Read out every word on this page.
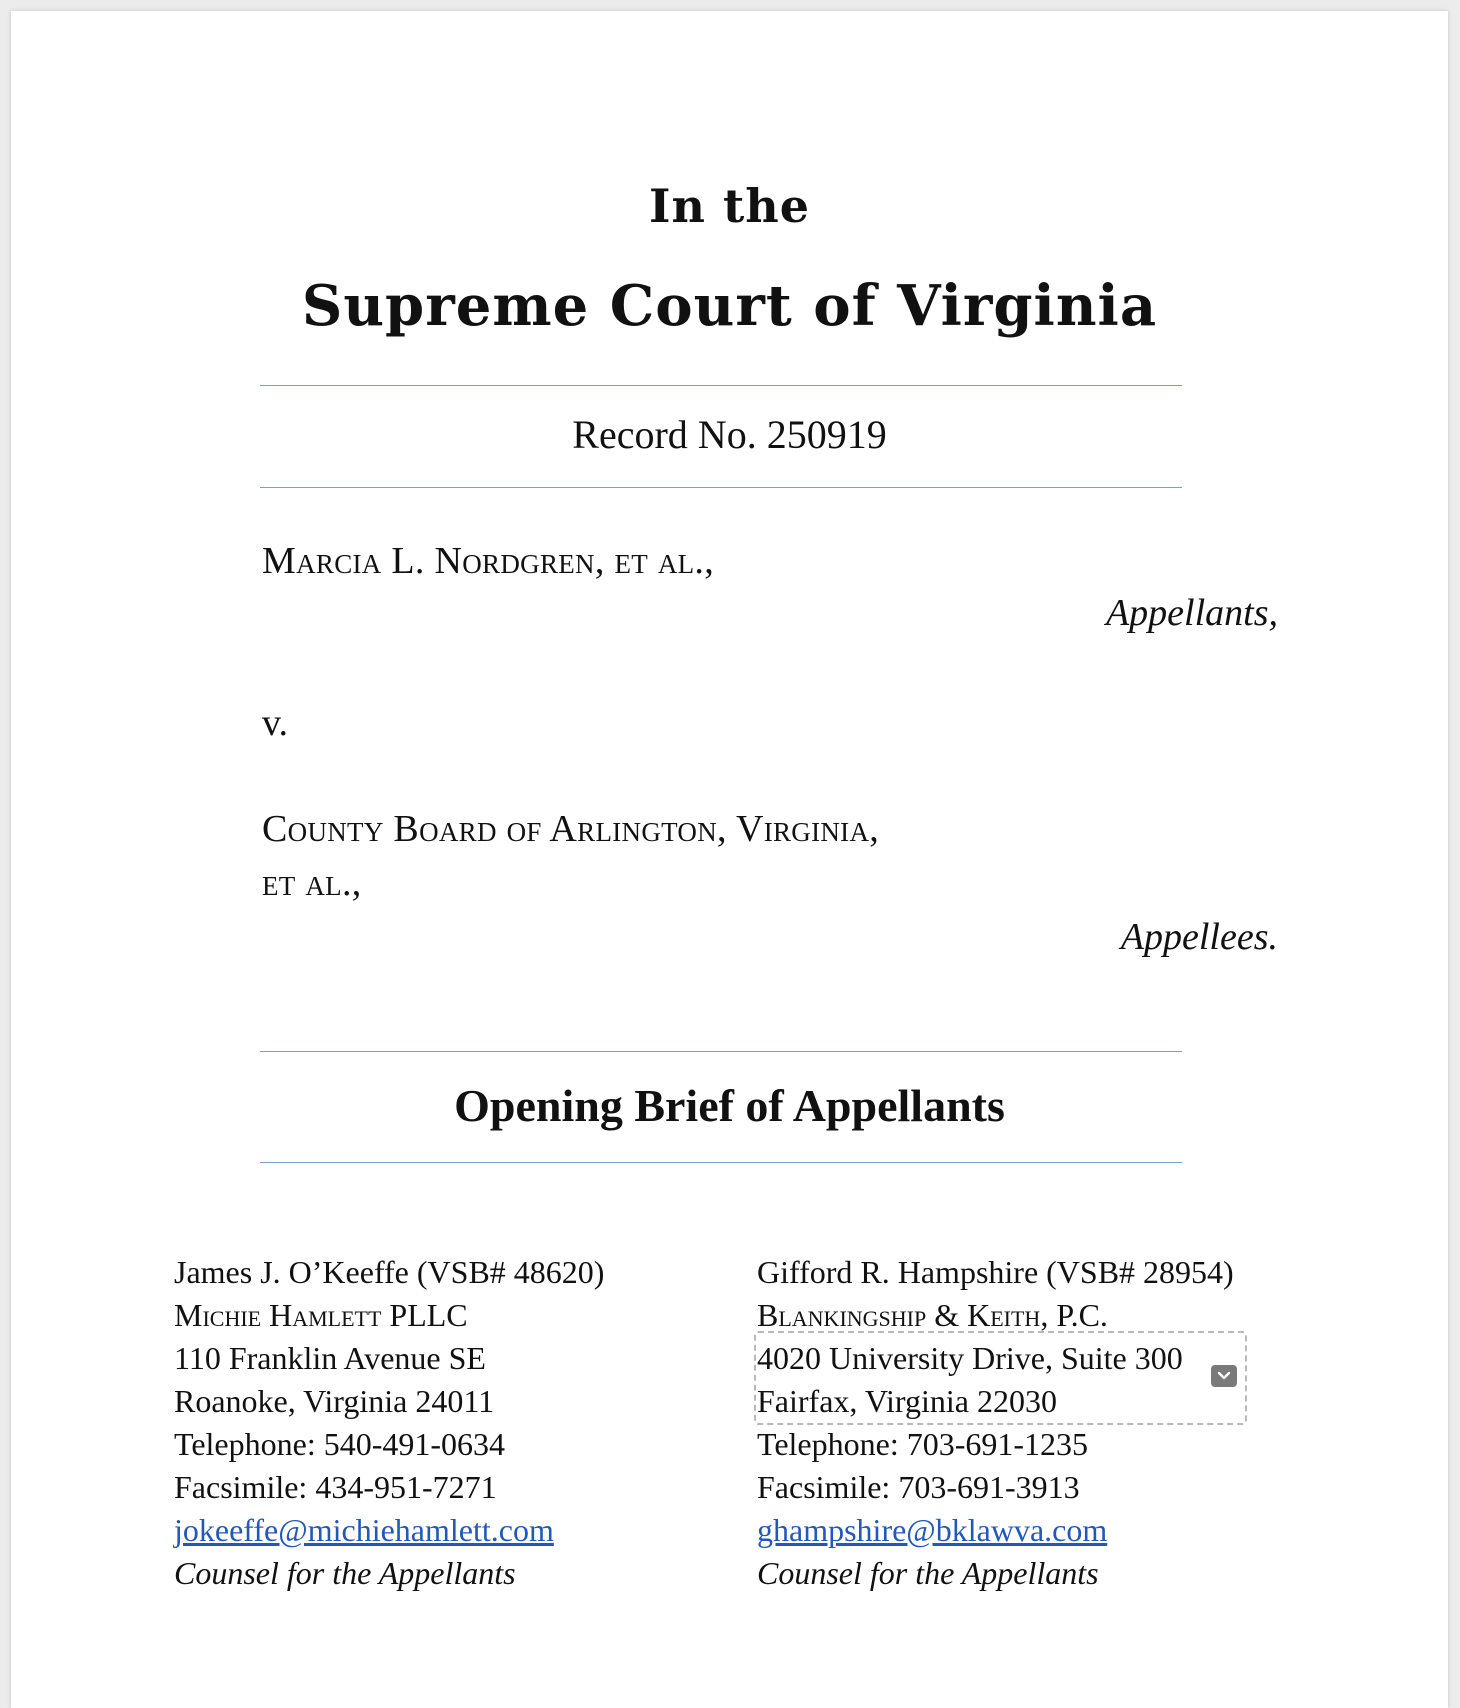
In the
Supreme Court of Virginia
Record No. 250919
Marcia L. Nordgren, et al.,
Appellants,
v.
County Board of Arlington, Virginia,
et al.,
Appellees.
Opening Brief of Appellants
James J. O’Keeffe (VSB# 48620)
Michie Hamlett PLLC
110 Franklin Avenue SE
Roanoke, Virginia 24011
Telephone: 540-491-0634
Facsimile: 434-951-7271
jokeeffe@michiehamlett.com
Counsel for the Appellants
Gifford R. Hampshire (VSB# 28954)
Blankingship & Keith, P.C.
4020 University Drive, Suite 300
Fairfax, Virginia 22030
Telephone: 703-691-1235
Facsimile: 703-691-3913
ghampshire@bklawva.com
Counsel for the Appellants
